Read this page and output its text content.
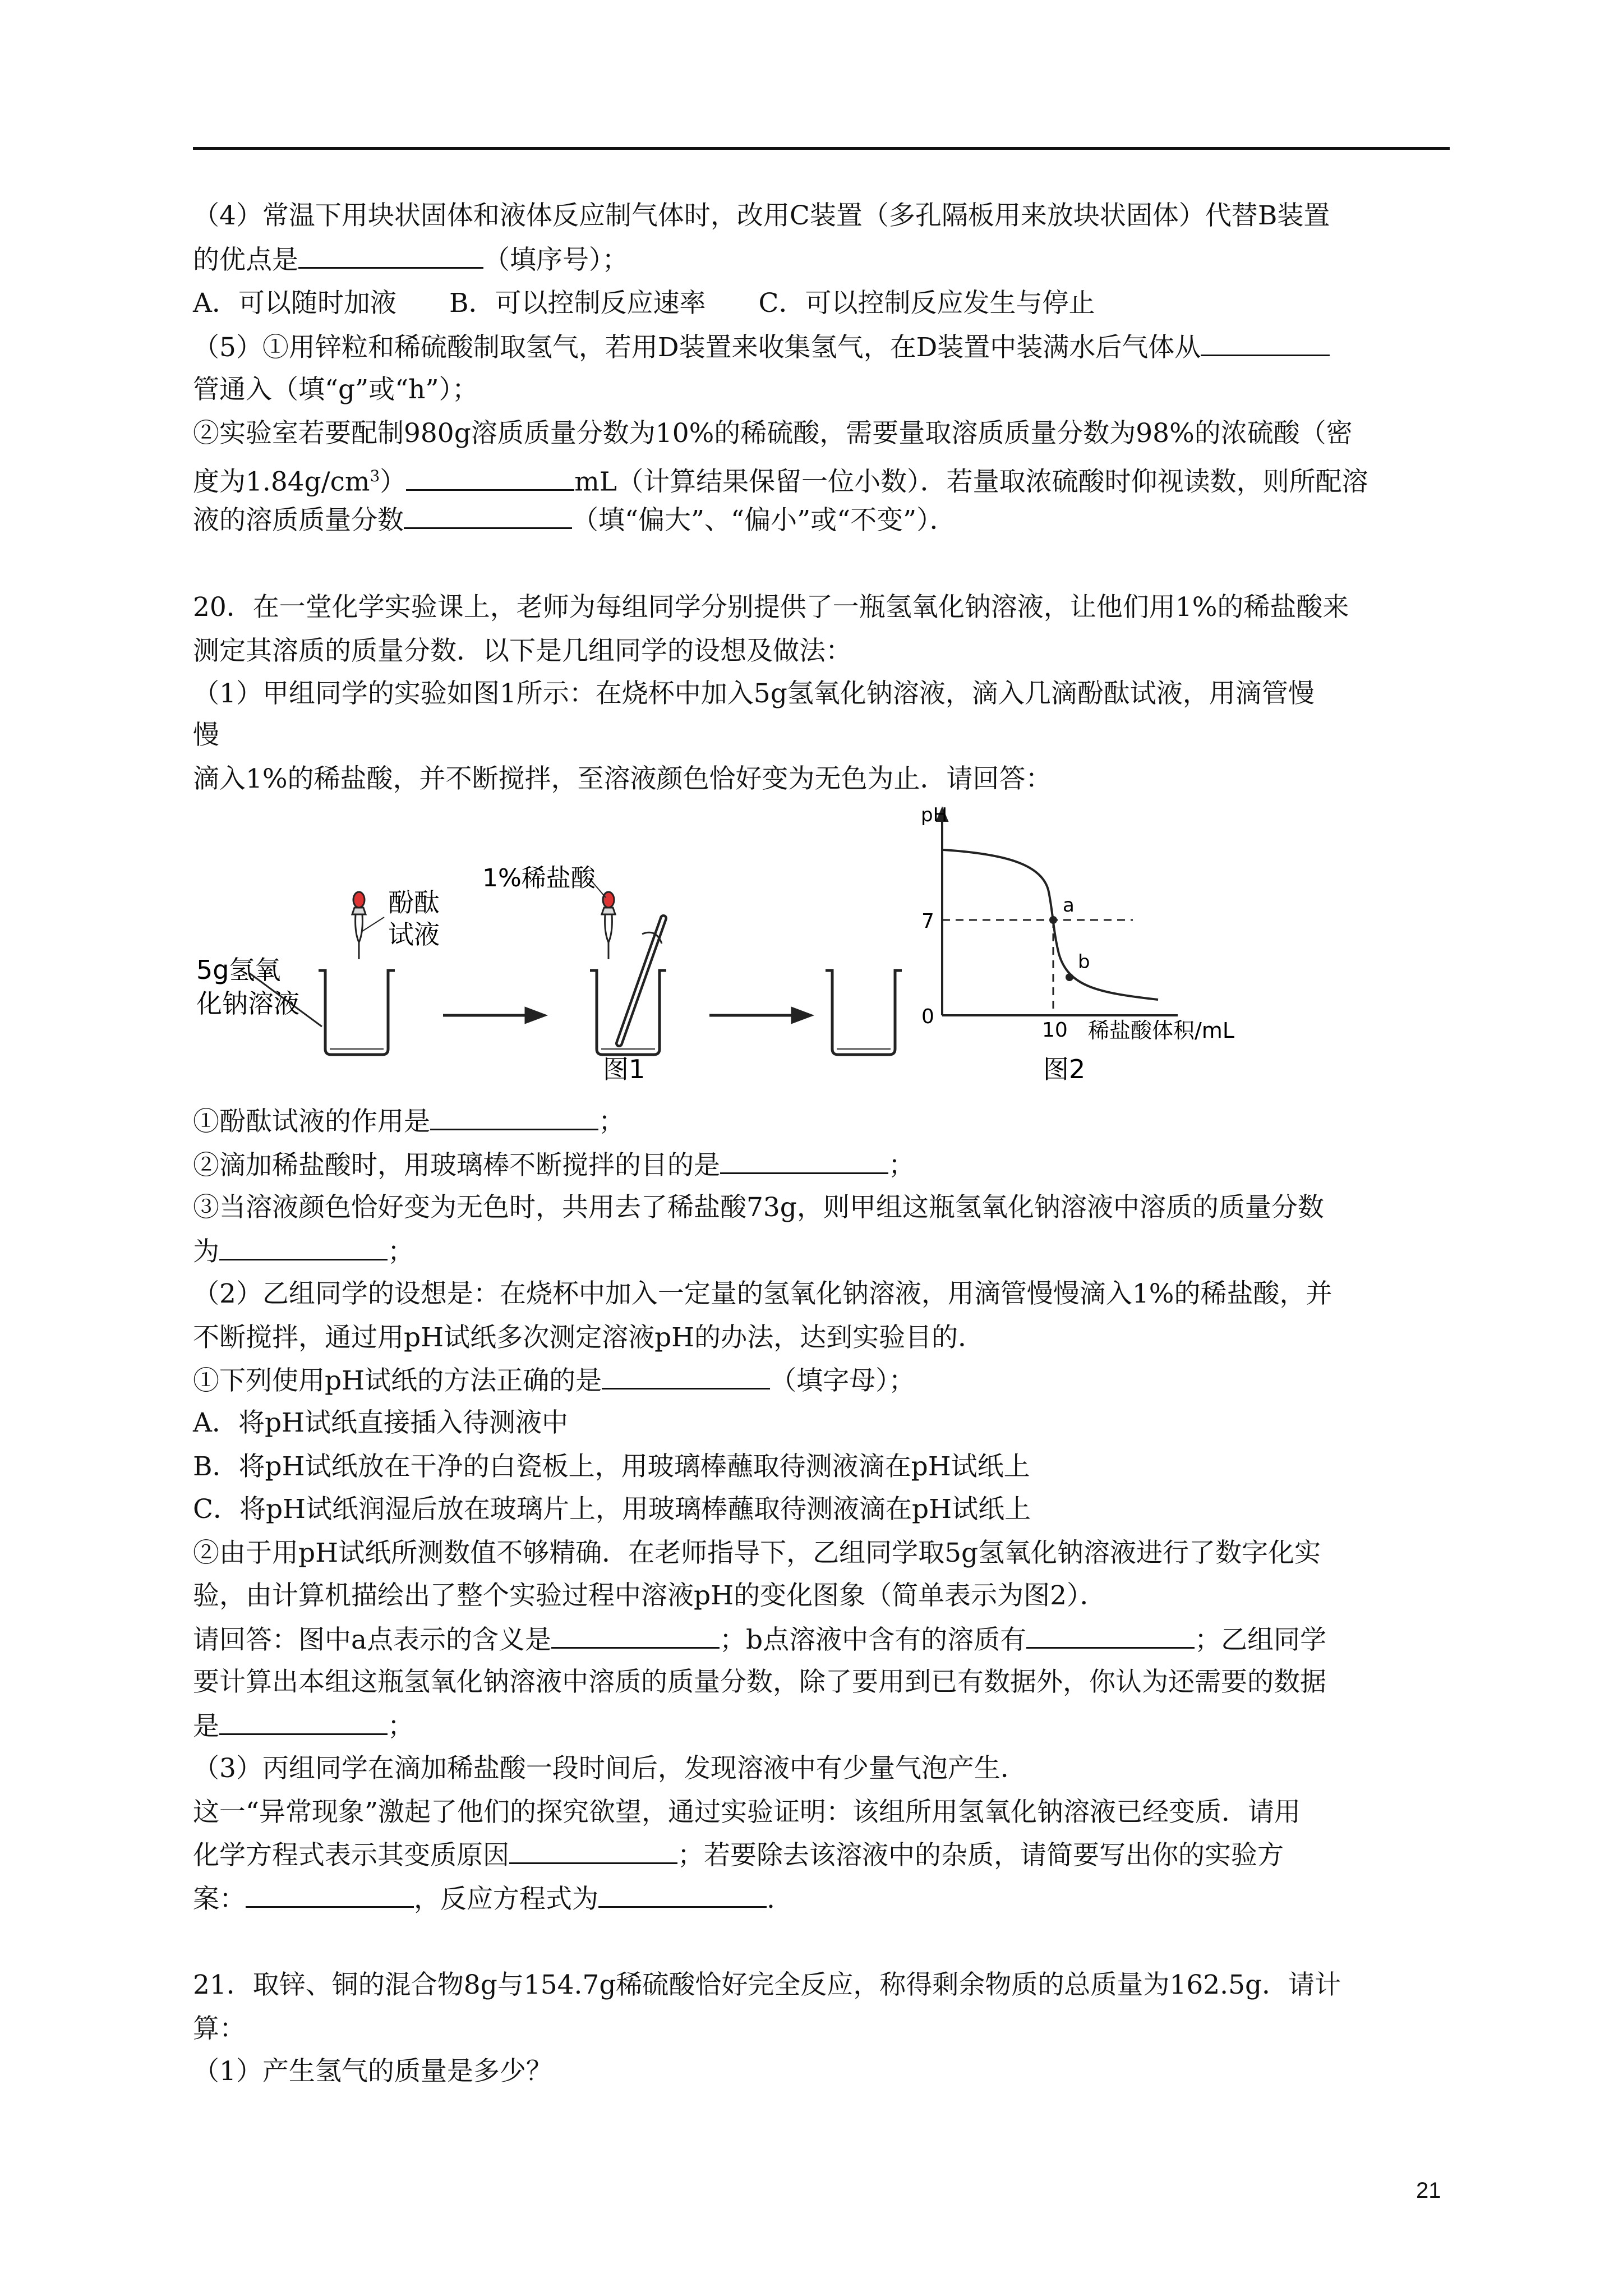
（4）常温下用块状固体和液体反应制气体时，改用C装置（多孔隔板用来放块状固体）代替B装置
的优点是	（填序号）；
A．可以随时加液　　B．可以控制反应速率　　C．可以控制反应发生与停止
（5）①用锌粒和稀硫酸制取氢气，若用D装置来收集氢气，在D装置中装满水后气体从
管通入（填“g”或“h”）；
②实验室若要配制980g溶质质量分数为10%的稀硫酸，需要量取溶质质量分数为98%的浓硫酸（密
度为$1.84g/cm^3$）	mL（计算结果保留一位小数）．若量取浓硫酸时仰视读数，则所配溶
液的溶质质量分数	（填“偏大”、“偏小”或“不变”）．
20．在一堂化学实验课上，老师为每组同学分别提供了一瓶氢氧化钠溶液，让他们用1%的稀盐酸来
测定其溶质的质量分数．以下是几组同学的设想及做法：
（1）甲组同学的实验如图1所示：在烧杯中加入5g氢氧化钠溶液，滴入几滴酚酞试液，用滴管慢
慢
滴入1%的稀盐酸，并不断搅拌，至溶液颜色恰好变为无色为止．请回答：
5g氢氧
化钠溶液
酚酞
试液
1%稀盐酸
图1
a
b
pH
7
0
10 稀盐酸体积/mL
图2
①酚酞试液的作用是	；
②滴加稀盐酸时，用玻璃棒不断搅拌的目的是	；
③当溶液颜色恰好变为无色时，共用去了稀盐酸73g，则甲组这瓶氢氧化钠溶液中溶质的质量分数
为	；
（2）乙组同学的设想是：在烧杯中加入一定量的氢氧化钠溶液，用滴管慢慢滴入1%的稀盐酸，并
不断搅拌，通过用pH试纸多次测定溶液pH的办法，达到实验目的．
①下列使用pH试纸的方法正确的是	（填字母）；
A．将pH试纸直接插入待测液中
B．将pH试纸放在干净的白瓷板上，用玻璃棒蘸取待测液滴在pH试纸上
C．将pH试纸润湿后放在玻璃片上，用玻璃棒蘸取待测液滴在pH试纸上
②由于用pH试纸所测数值不够精确．在老师指导下，乙组同学取5g氢氧化钠溶液进行了数字化实
验，由计算机描绘出了整个实验过程中溶液pH的变化图象（简单表示为图2）．
请回答：图中a点表示的含义是	；b点溶液中含有的溶质有	；乙组同学
要计算出本组这瓶氢氧化钠溶液中溶质的质量分数，除了要用到已有数据外，你认为还需要的数据
是	；
（3）丙组同学在滴加稀盐酸一段时间后，发现溶液中有少量气泡产生．
这一“异常现象”激起了他们的探究欲望，通过实验证明：该组所用氢氧化钠溶液已经变质．请用
化学方程式表示其变质原因	；若要除去该溶液中的杂质，请简要写出你的实验方
案：	，反应方程式为	.
21．取锌、铜的混合物8g与154.7g稀硫酸恰好完全反应，称得剩余物质的总质量为162.5g．请计
算：
（1）产生氢气的质量是多少？
21
